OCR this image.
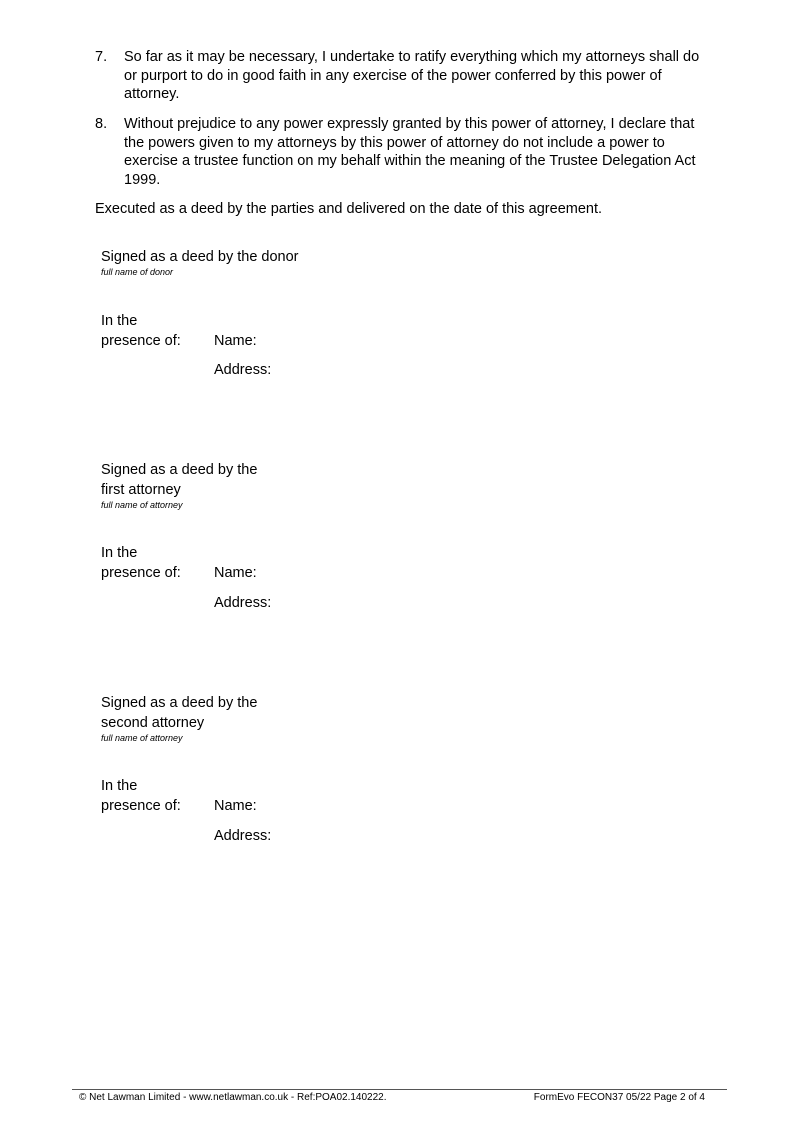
7. So far as it may be necessary, I undertake to ratify everything which my attorneys shall do or purport to do in good faith in any exercise of the power conferred by this power of attorney.
8. Without prejudice to any power expressly granted by this power of attorney, I declare that the powers given to my attorneys by this power of attorney do not include a power to exercise a trustee function on my behalf within the meaning of the Trustee Delegation Act 1999.
Executed as a deed by the parties and delivered on the date of this agreement.
Signed as a deed by the donor
full name of donor
In the
presence of: Name:
Address:
Signed as a deed by the
first attorney
full name of attorney
In the
presence of: Name:
Address:
Signed as a deed by the
second attorney
full name of attorney
In the
presence of: Name:
Address:
© Net Lawman Limited - www.netlawman.co.uk - Ref:POA02.140222.	FormEvo FECON37 05/22 Page 2 of 4
